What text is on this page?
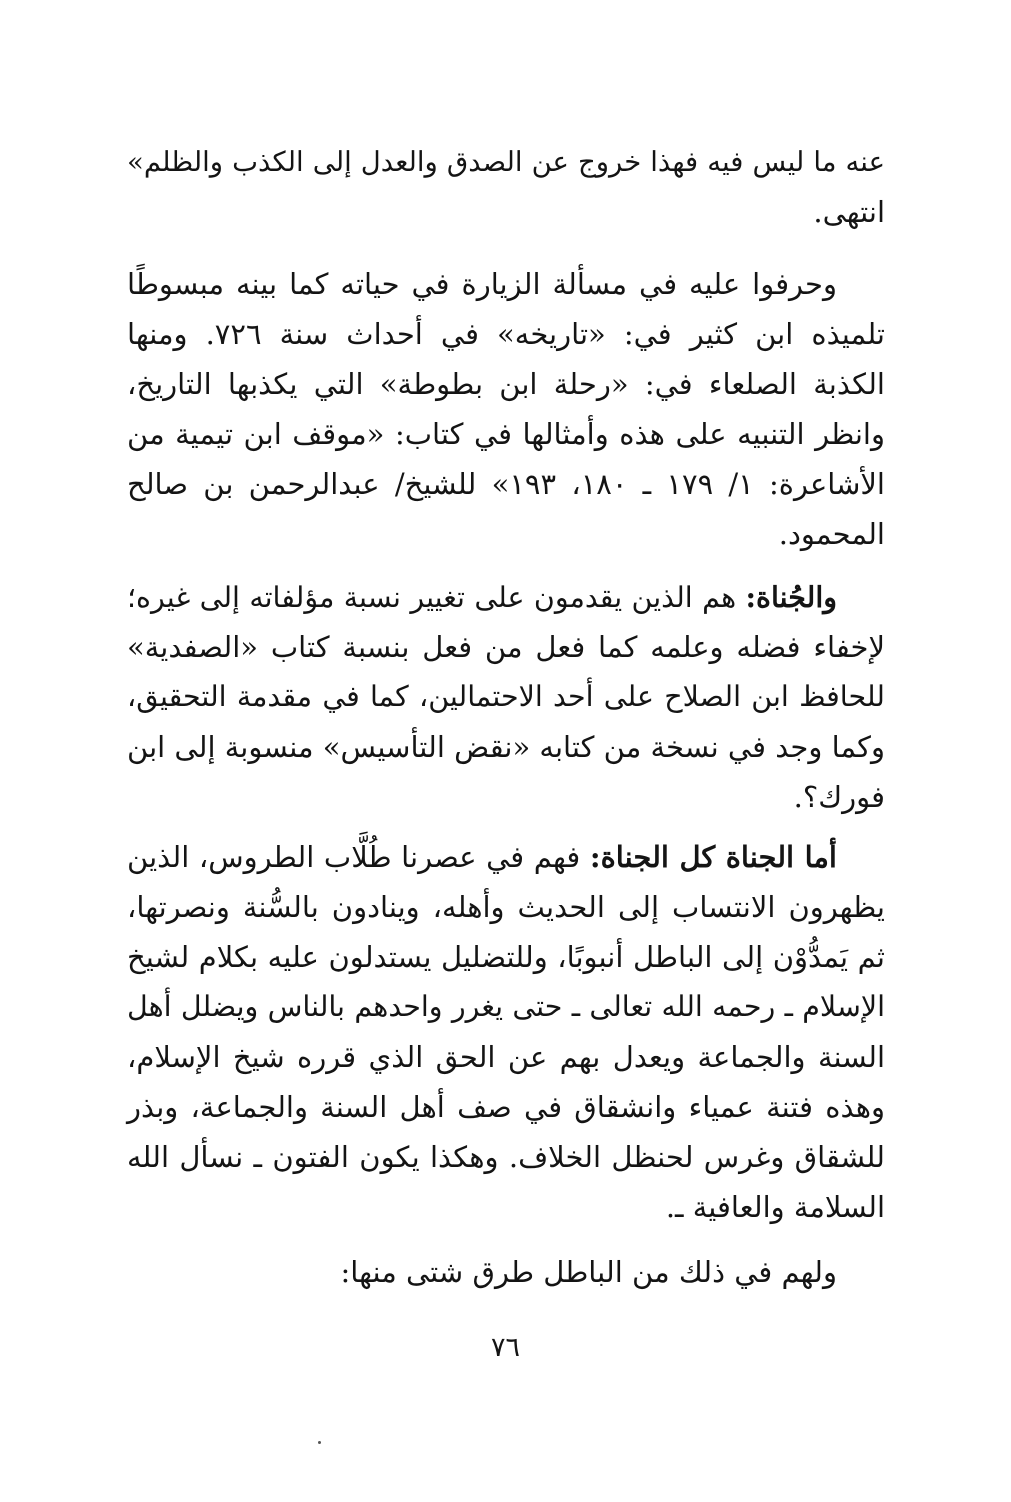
عنه ما ليس فيه فهذا خروج عن الصدق والعدل إلى الكذب والظلم»
انتهى.
وحرفوا عليه في مسألة الزيارة في حياته كما بينه مبسوطًا
تلميذه ابن كثير في: «تاريخه» في أحداث سنة ٧٢٦. ومنها
الكذبة الصلعاء في: «رحلة ابن بطوطة» التي يكذبها التاريخ،
وانظر التنبيه على هذه وأمثالها في كتاب: «موقف ابن تيمية من
الأشاعرة: ١/ ١٧٩ ـ ١٨٠، ١٩٣» للشيخ/ عبدالرحمن بن صالح
المحمود.
والجُناة: هم الذين يقدمون على تغيير نسبة مؤلفاته إلى غيره؛
لإخفاء فضله وعلمه كما فعل من فعل بنسبة كتاب «الصفدية»
للحافظ ابن الصلاح على أحد الاحتمالين، كما في مقدمة التحقيق،
وكما وجد في نسخة من كتابه «نقض التأسيس» منسوبة إلى ابن
فورك؟.
أما الجناة كل الجناة: فهم في عصرنا طُلَّاب الطروس، الذين
يظهرون الانتساب إلى الحديث وأهله، وينادون بالسُّنة ونصرتها،
ثم يَمدُّوْن إلى الباطل أنبوبًا، وللتضليل يستدلون عليه بكلام لشيخ
الإسلام ـ رحمه الله تعالى ـ حتى يغرر واحدهم بالناس ويضلل أهل
السنة والجماعة ويعدل بهم عن الحق الذي قرره شيخ الإسلام،
وهذه فتنة عمياء وانشقاق في صف أهل السنة والجماعة، وبذر
للشقاق وغرس لحنظل الخلاف. وهكذا يكون الفتون ـ نسأل الله
السلامة والعافية ـ.
ولهم في ذلك من الباطل طرق شتى منها:
٧٦
